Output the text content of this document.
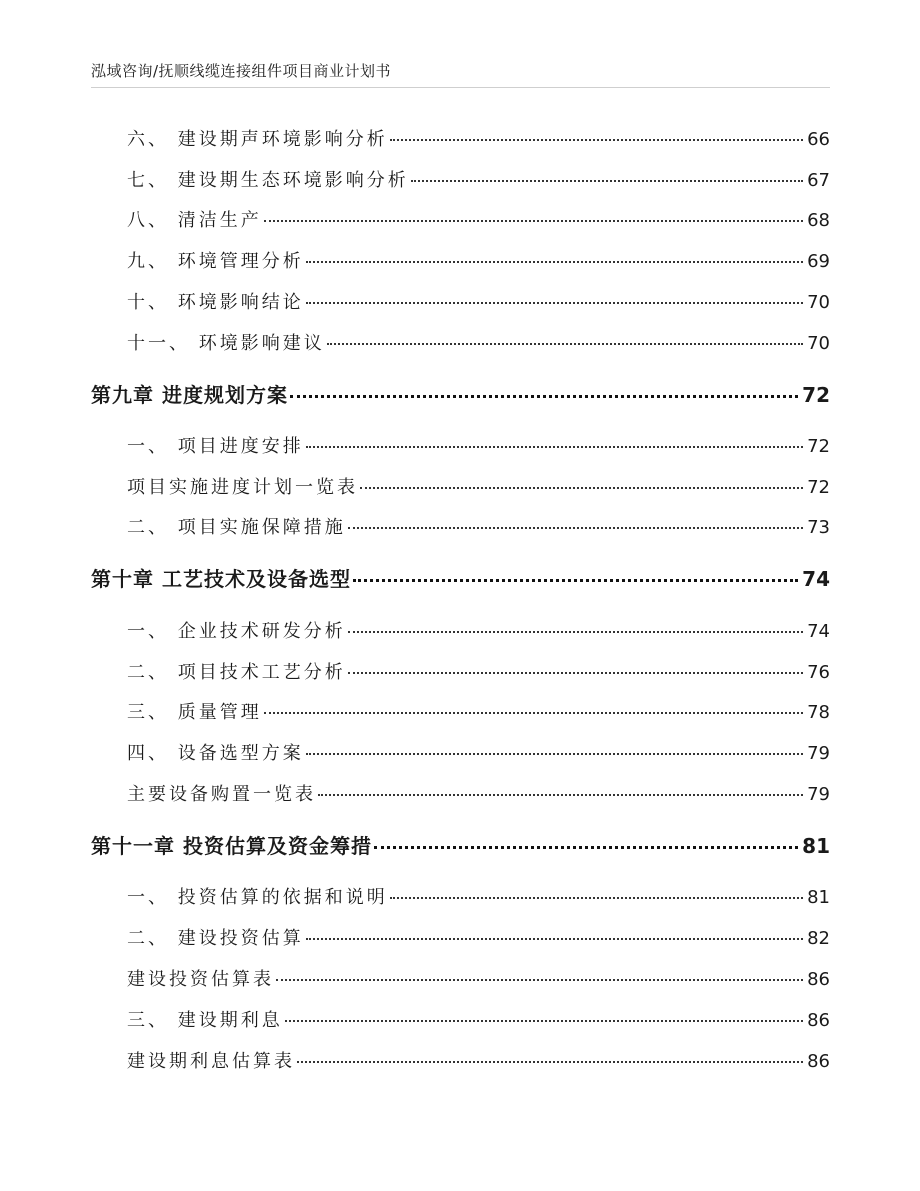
泓域咨询/抚顺线缆连接组件项目商业计划书
六、 建设期声环境影响分析	66
七、 建设期生态环境影响分析	67
八、 清洁生产	68
九、 环境管理分析	69
十、 环境影响结论	70
十一、 环境影响建议	70
第九章 进度规划方案	72
一、 项目进度安排	72
项目实施进度计划一览表	72
二、 项目实施保障措施	73
第十章 工艺技术及设备选型	74
一、 企业技术研发分析	74
二、 项目技术工艺分析	76
三、 质量管理	78
四、 设备选型方案	79
主要设备购置一览表	79
第十一章 投资估算及资金筹措	81
一、 投资估算的依据和说明	81
二、 建设投资估算	82
建设投资估算表	86
三、 建设期利息	86
建设期利息估算表	86
